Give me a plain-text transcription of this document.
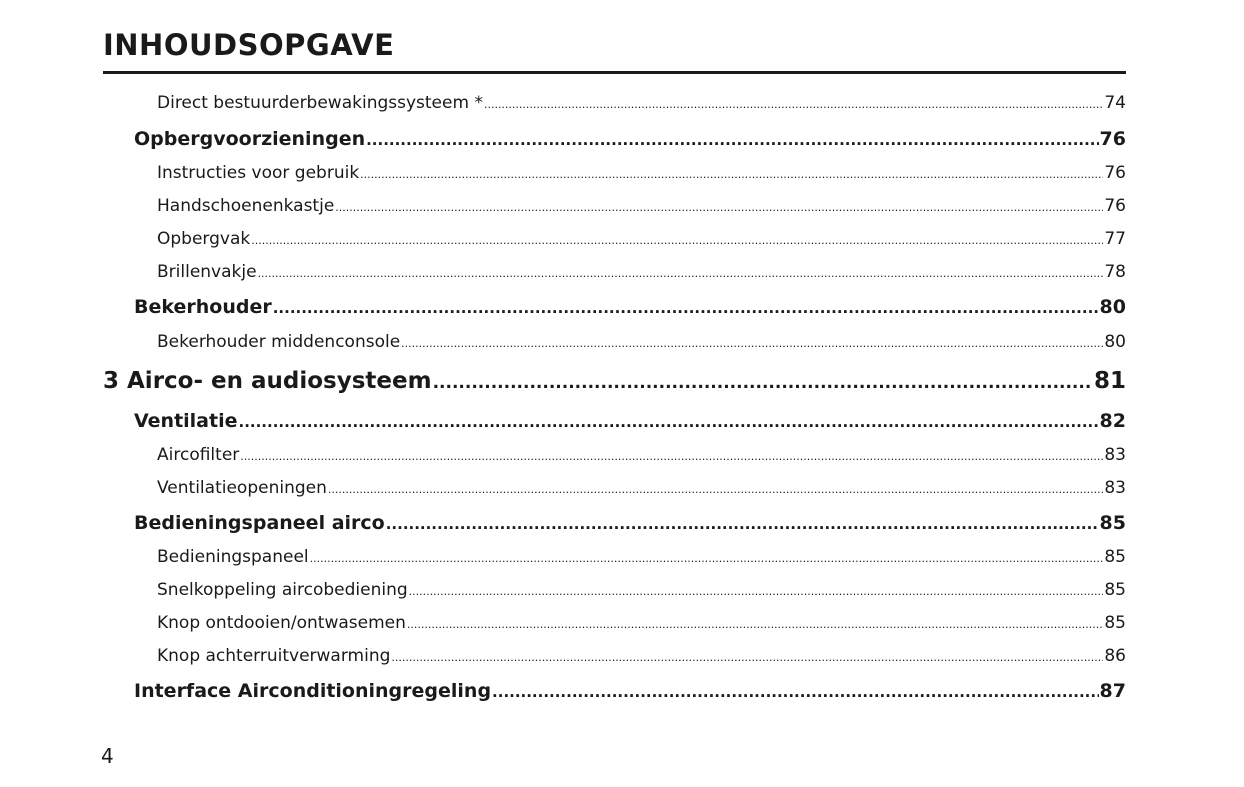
INHOUDSOPGAVE
Direct bestuurderbewakingssysteem * .....	74
Opbergvoorzieningen .....	76
Instructies voor gebruik .....	76
Handschoenenkastje .....	76
Opbergvak .....	77
Brillenvakje .....	78
Bekerhouder .....	80
Bekerhouder middenconsole .....	80
3 Airco- en audiosysteem .....	81
Ventilatie .....	82
Aircofilter .....	83
Ventilatieopeningen .....	83
Bedieningspaneel airco .....	85
Bedieningspaneel .....	85
Snelkoppeling aircobediening .....	85
Knop ontdooien/ontwasemen .....	85
Knop achterruitverwarming .....	86
Interface Airconditioningregeling .....	87
4
